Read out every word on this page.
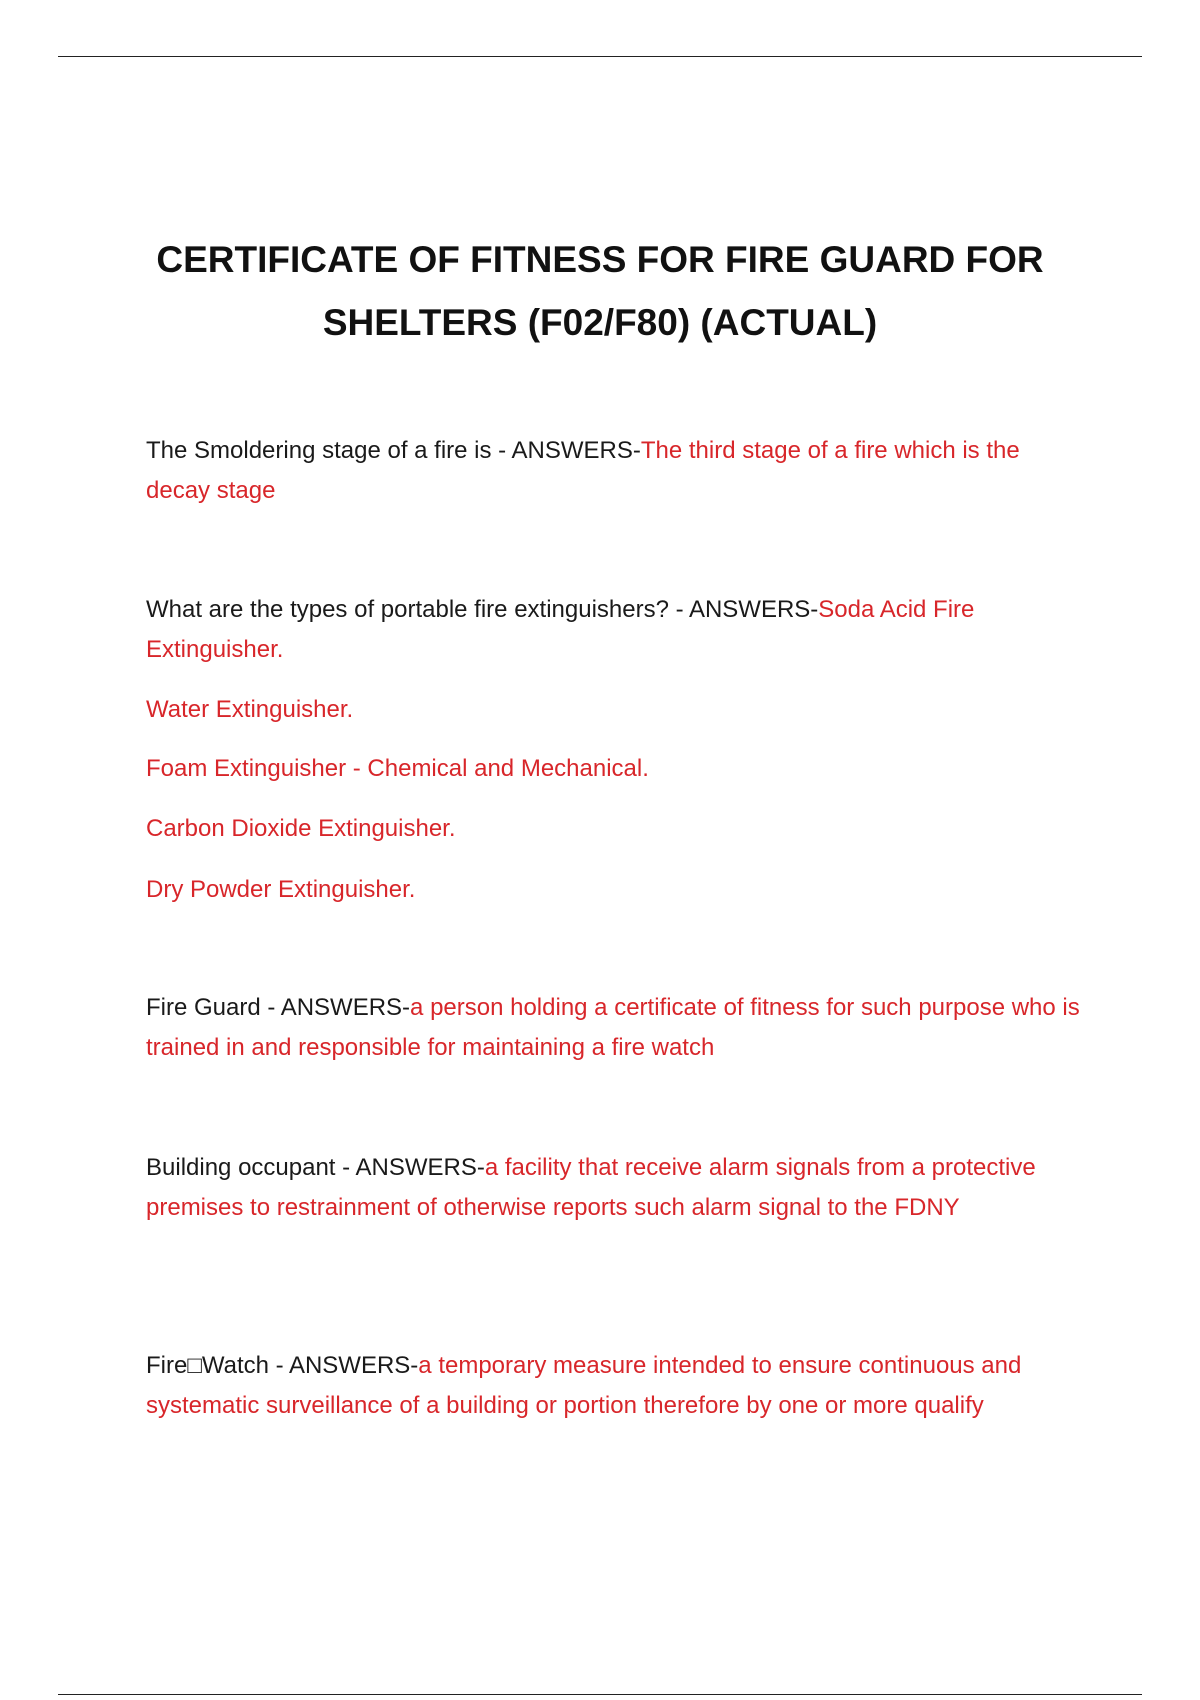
CERTIFICATE OF FITNESS FOR FIRE GUARD FOR
SHELTERS (F02/F80) (ACTUAL)
The Smoldering stage of a fire is - ANSWERS-The third stage of a fire which is the decay stage
What are the types of portable fire extinguishers? - ANSWERS-Soda Acid Fire Extinguisher.
Water Extinguisher.
Foam Extinguisher - Chemical and Mechanical.
Carbon Dioxide Extinguisher.
Dry Powder Extinguisher.
Fire Guard - ANSWERS-a person holding a certificate of fitness for such purpose who is trained in and responsible for maintaining a fire watch
Building occupant - ANSWERS-a facility that receive alarm signals from a protective premises to restrainment of otherwise reports such alarm signal to the FDNY
Fire□Watch - ANSWERS-a temporary measure intended to ensure continuous and systematic surveillance of a building or portion therefore by one or more qualify
